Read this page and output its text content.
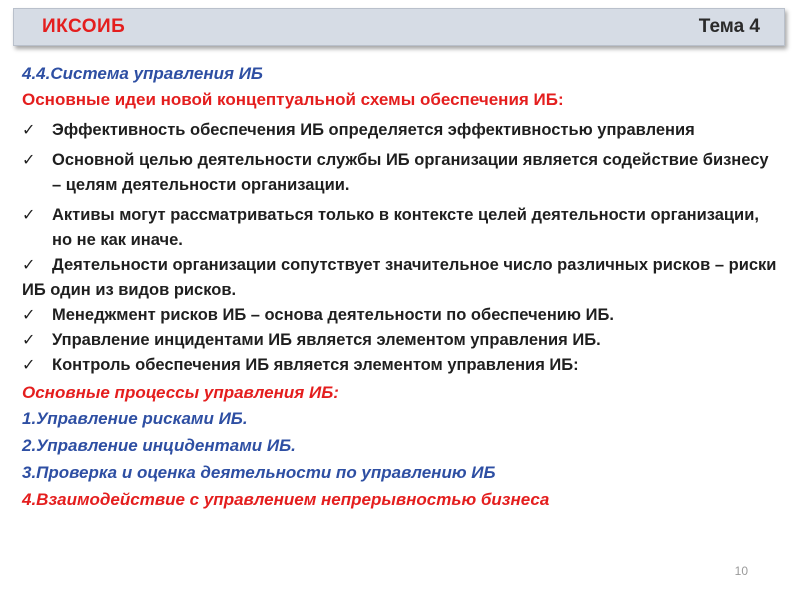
ИКСОИБ	Тема 4
4.4.Система управления ИБ
Основные идеи новой концептуальной схемы обеспечения ИБ:
✓ Эффективность обеспечения ИБ определяется эффективностью управления
✓ Основной целью деятельности службы ИБ организации является содействие бизнесу – целям деятельности организации.
✓ Активы могут рассматриваться только в контексте целей деятельности организации, но не как иначе.
✓ Деятельности организации сопутствует значительное число различных рисков – риски ИБ один из видов рисков.
✓ Менеджмент рисков ИБ – основа деятельности по обеспечению ИБ.
✓ Управление инцидентами ИБ является элементом управления ИБ.
✓ Контроль обеспечения ИБ является элементом управления ИБ:
Основные процессы управления ИБ:
1.Управление рисками ИБ.
2.Управление инцидентами ИБ.
3.Проверка и оценка деятельности по управлению ИБ
4.Взаимодействие с управлением непрерывностью бизнеса
10
